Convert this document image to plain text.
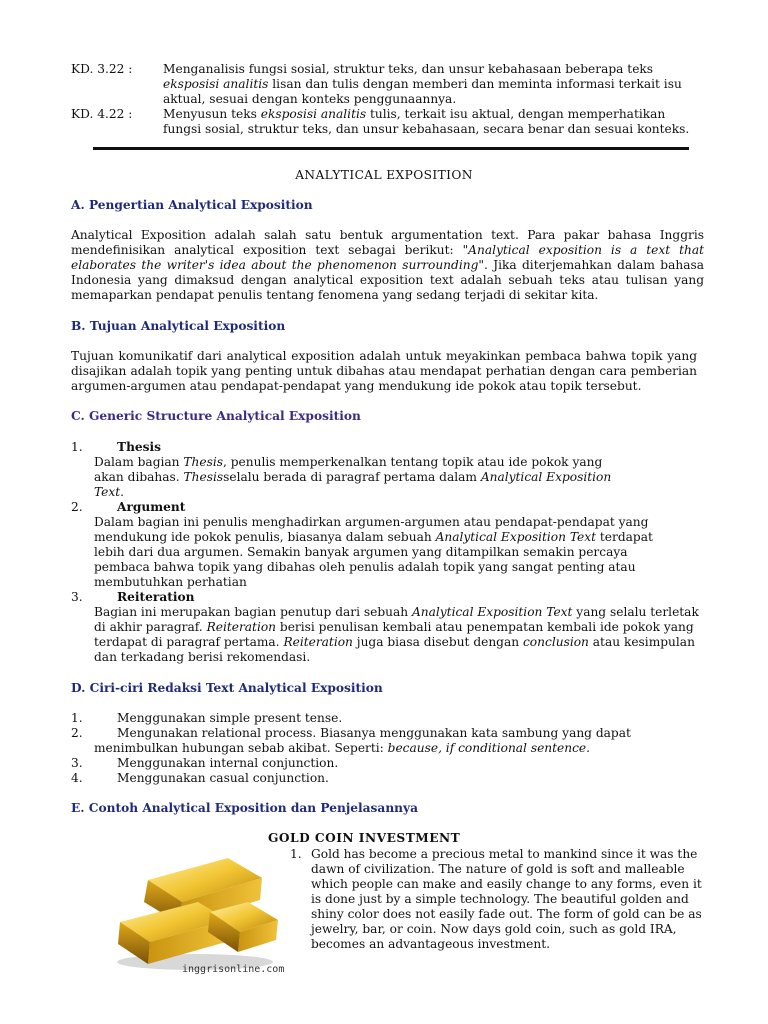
KD. 3.22 :	Menganalisis fungsi sosial, struktur teks, dan unsur kebahasaan beberapa teks eksposisi analitis lisan dan tulis dengan memberi dan meminta informasi terkait isu aktual, sesuai dengan konteks penggunaannya.
KD. 4.22 :	Menyusun teks eksposisi analitis tulis, terkait isu aktual, dengan memperhatikan fungsi sosial, struktur teks, dan unsur kebahasaan, secara benar dan sesuai konteks.
ANALYTICAL EXPOSITION
A. Pengertian Analytical Exposition
Analytical Exposition adalah salah satu bentuk argumentation text. Para pakar bahasa Inggris mendefinisikan analytical exposition text sebagai berikut: "Analytical exposition is a text that elaborates the writer's idea about the phenomenon surrounding". Jika diterjemahkan dalam bahasa Indonesia yang dimaksud dengan analytical exposition text adalah sebuah teks atau tulisan yang memaparkan pendapat penulis tentang fenomena yang sedang terjadi di sekitar kita.
B. Tujuan Analytical Exposition
Tujuan komunikatif dari analytical exposition adalah untuk meyakinkan pembaca bahwa topik yang disajikan adalah topik yang penting untuk dibahas atau mendapat perhatian dengan cara pemberian argumen-argumen atau pendapat-pendapat yang mendukung ide pokok atau topik tersebut.
C. Generic Structure Analytical Exposition
1.	Thesis
Dalam bagian Thesis, penulis memperkenalkan tentang topik atau ide pokok yang akan dibahas. Thesisselalu berada di paragraf pertama dalam Analytical Exposition Text.
2.	Argument
Dalam bagian ini penulis menghadirkan argumen-argumen atau pendapat-pendapat yang mendukung ide pokok penulis, biasanya dalam sebuah Analytical Exposition Text terdapat lebih dari dua argumen. Semakin banyak argumen yang ditampilkan semakin percaya pembaca bahwa topik yang dibahas oleh penulis adalah topik yang sangat penting atau membutuhkan perhatian
3.	Reiteration
Bagian ini merupakan bagian penutup dari sebuah Analytical Exposition Text yang selalu terletak di akhir paragraf. Reiteration berisi penulisan kembali atau penempatan kembali ide pokok yang terdapat di paragraf pertama. Reiteration juga biasa disebut dengan conclusion atau kesimpulan dan terkadang berisi rekomendasi.
D. Ciri-ciri Redaksi Text Analytical Exposition
1.	Menggunakan simple present tense.
2.	Mengunakan relational process. Biasanya menggunakan kata sambung yang dapat
menimbulkan hubungan sebab akibat. Seperti: because, if conditional sentence.
3.	Menggunakan internal conjunction.
4.	Menggunakan casual conjunction.
E. Contoh Analytical Exposition dan Penjelasannya
GOLD COIN INVESTMENT
inggrisonline.com
1. Gold has become a precious metal to mankind since it was the dawn of civilization. The nature of gold is soft and malleable which people can make and easily change to any forms, even it is done just by a simple technology. The beautiful golden and shiny color does not easily fade out. The form of gold can be as jewelry, bar, or coin. Now days gold coin, such as gold IRA, becomes an advantageous investment.
